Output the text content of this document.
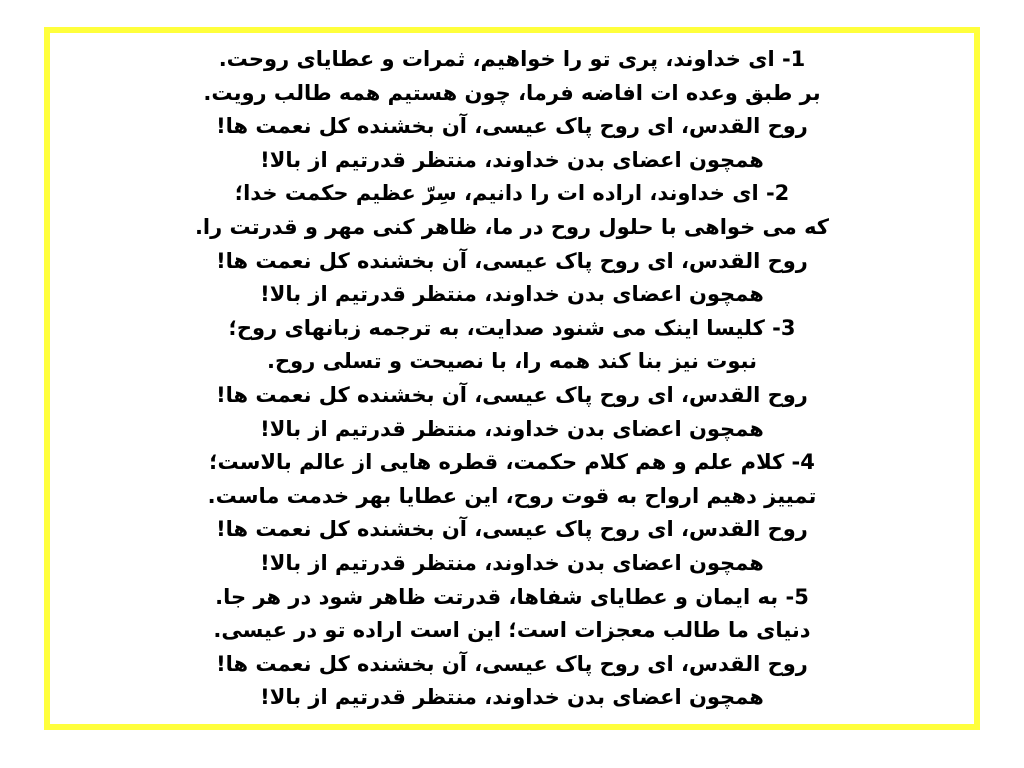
1- ای خداوند، پری تو را خواهیم، ثمرات و عطایای روحت.
بر طبق وعده ات افاضه فرما، چون هستیم همه طالب رویت.
روح القدس، ای روح پاک عیسی، آن بخشنده کل نعمت ها!
همچون اعضای بدن خداوند، منتظر قدرتیم از بالا!
2- ای خداوند، اراده ات را دانیم، سِرّ عظیم حکمت خدا؛
که می خواهی با حلول روح در ما، ظاهر کنی مهر و قدرتت را.
روح القدس، ای روح پاک عیسی، آن بخشنده کل نعمت ها!
همچون اعضای بدن خداوند، منتظر قدرتیم از بالا!
3- کلیسا اینک می شنود صدایت، به ترجمه زبانهای روح؛
نبوت نیز بنا کند همه را، با نصیحت و تسلی روح.
روح القدس، ای روح پاک عیسی، آن بخشنده کل نعمت ها!
همچون اعضای بدن خداوند، منتظر قدرتیم از بالا!
4- کلام علم و هم کلام حکمت، قطره هایی از عالم بالاست؛
تمییز دهیم ارواح به قوت روح، این عطایا بهر خدمت ماست.
روح القدس، ای روح پاک عیسی، آن بخشنده کل نعمت ها!
همچون اعضای بدن خداوند، منتظر قدرتیم از بالا!
5- به ایمان و عطایای شفاها، قدرتت ظاهر شود در هر جا.
دنیای ما طالب معجزات است؛ این است اراده تو در عیسی.
روح القدس، ای روح پاک عیسی، آن بخشنده کل نعمت ها!
همچون اعضای بدن خداوند، منتظر قدرتیم از بالا!
